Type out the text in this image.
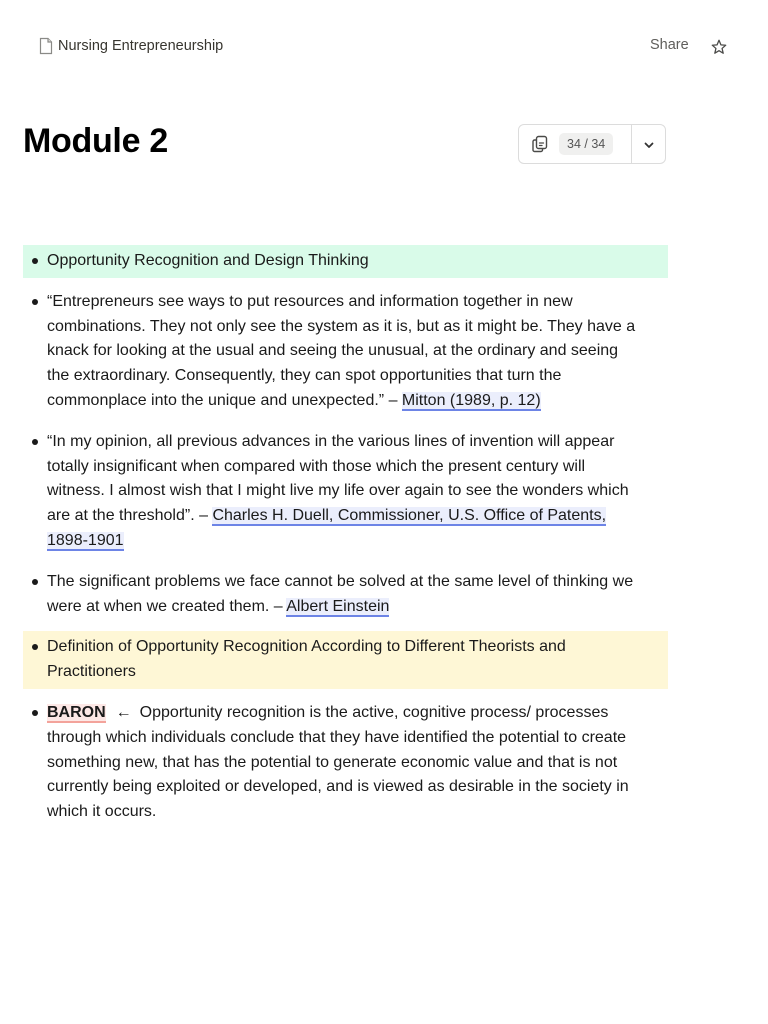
Nursing Entrepreneurship	Share
Module 2	34 / 34
Opportunity Recognition and Design Thinking
“Entrepreneurs see ways to put resources and information together in new combinations. They not only see the system as it is, but as it might be. They have a knack for looking at the usual and seeing the unusual, at the ordinary and seeing the extraordinary. Consequently, they can spot opportunities that turn the commonplace into the unique and unexpected.” – Mitton (1989, p. 12)
“In my opinion, all previous advances in the various lines of invention will appear totally insignificant when compared with those which the present century will witness. I almost wish that I might live my life over again to see the wonders which are at the threshold”. – Charles H. Duell, Commissioner, U.S. Office of Patents, 1898-1901
The significant problems we face cannot be solved at the same level of thinking we were at when we created them. – Albert Einstein
Definition of Opportunity Recognition According to Different Theorists and Practitioners
BARON ← Opportunity recognition is the active, cognitive process/ processes through which individuals conclude that they have identified the potential to create something new, that has the potential to generate economic value and that is not currently being exploited or developed, and is viewed as desirable in the society in which it occurs.
